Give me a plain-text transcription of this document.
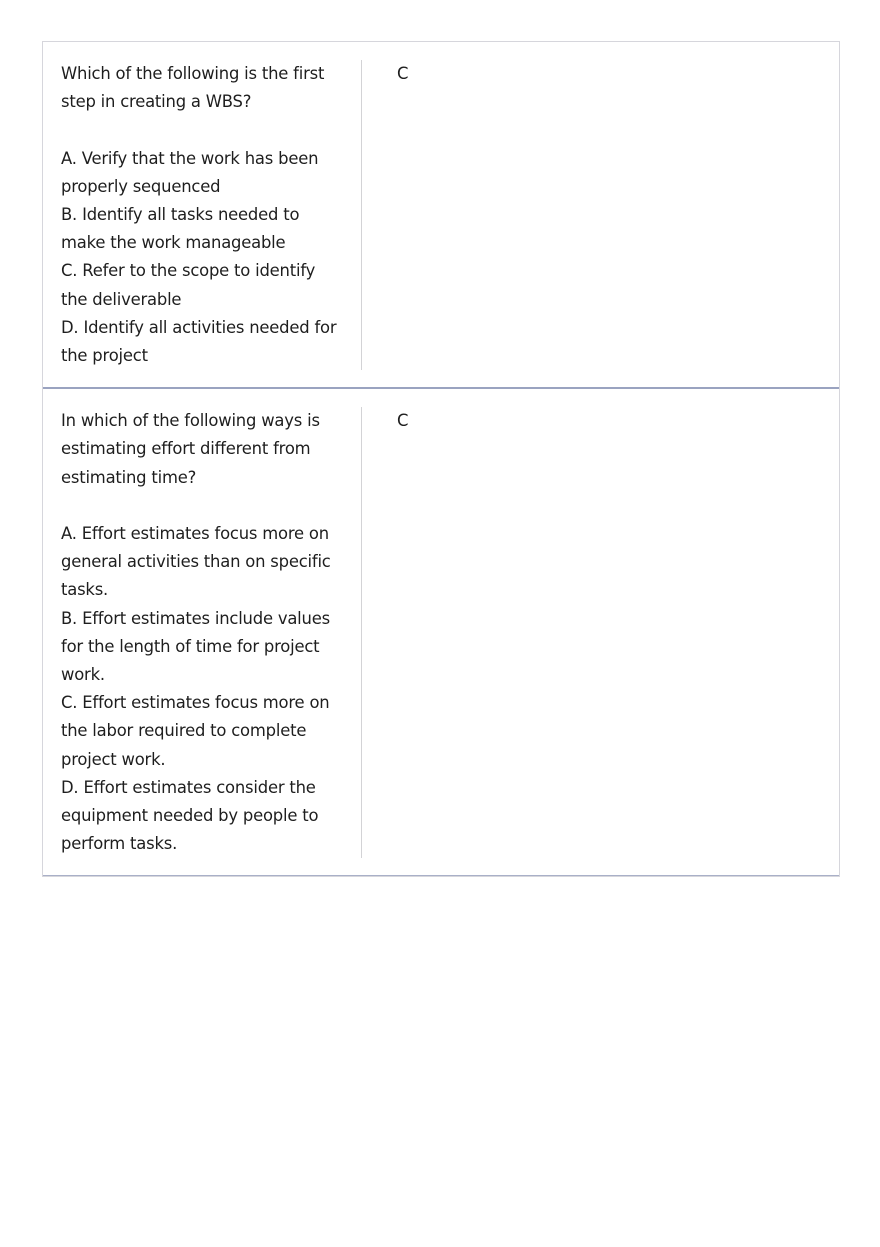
Which of the following is the first step in creating a WBS?

A. Verify that the work has been properly sequenced

B. Identify all tasks needed to make the work manageable

C. Refer to the scope to identify the deliverable

D. Identify all activities needed for the project

C

In which of the following ways is estimating effort different from estimating time?

A. Effort estimates focus more on general activities than on specific tasks.

B. Effort estimates include values for the length of time for project work.

C. Effort estimates focus more on the labor required to complete project work.

D. Effort estimates consider the equipment needed by people to perform tasks.

C
